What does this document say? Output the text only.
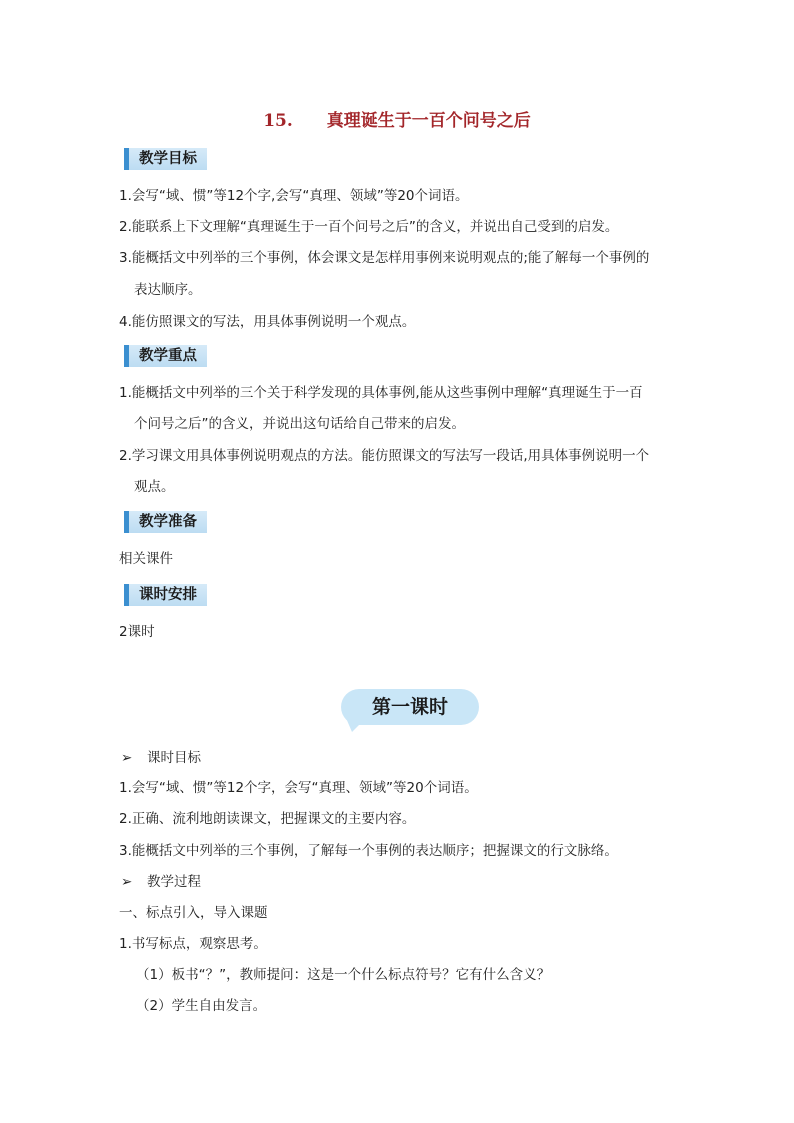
15. 真理诞生于一百个问号之后
教学目标
1.会写“域、惯”等12个字,会写“真理、领域”等20个词语。
2.能联系上下文理解“真理诞生于一百个问号之后”的含义，并说出自己受到的启发。
3.能概括文中列举的三个事例，体会课文是怎样用事例来说明观点的;能了解每一个事例的
表达顺序。
4.能仿照课文的写法，用具体事例说明一个观点。
教学重点
1.能概括文中列举的三个关于科学发现的具体事例,能从这些事例中理解“真理诞生于一百
个问号之后”的含义，并说出这句话给自己带来的启发。
2.学习课文用具体事例说明观点的方法。能仿照课文的写法写一段话,用具体事例说明一个
观点。
教学准备
相关课件
课时安排
2课时
第一课时
➢ 课时目标
1.会写“域、惯”等12个字，会写“真理、领域”等20个词语。
2.正确、流利地朗读课文，把握课文的主要内容。
3.能概括文中列举的三个事例，了解每一个事例的表达顺序；把握课文的行文脉络。
➢ 教学过程
一、标点引入，导入课题
1.书写标点，观察思考。
（1）板书“？”，教师提问：这是一个什么标点符号？它有什么含义？
（2）学生自由发言。
